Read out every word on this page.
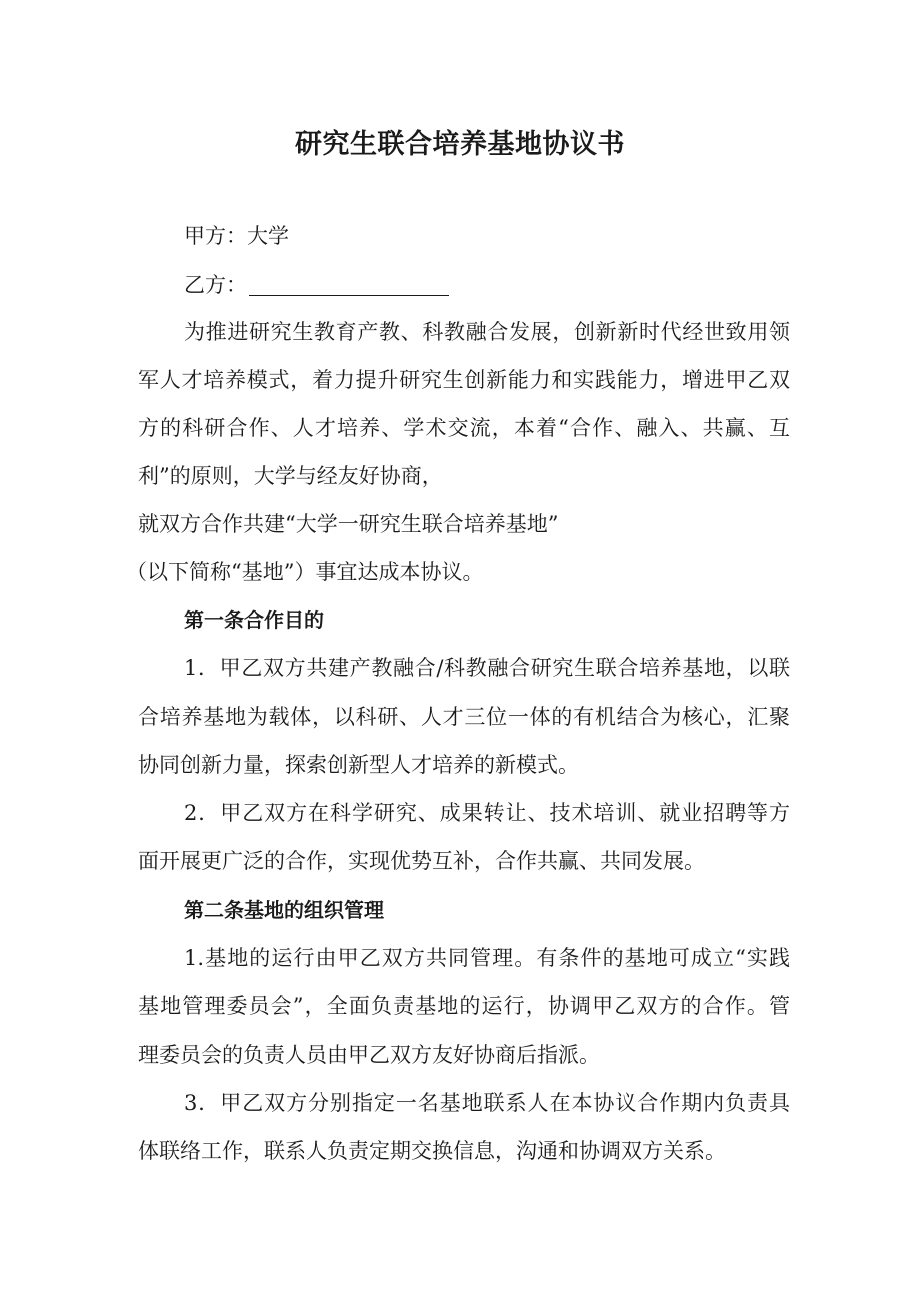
研究生联合培养基地协议书
甲方：大学
乙方：
为推进研究生教育产教、科教融合发展，创新新时代经世致用领
军人才培养模式，着力提升研究生创新能力和实践能力，增进甲乙双
方的科研合作、人才培养、学术交流，本着“合作、融入、共赢、互
利”的原则，大学与经友好协商，
就双方合作共建“大学一研究生联合培养基地”
（以下简称“基地”）事宜达成本协议。
第一条合作目的
1．甲乙双方共建产教融合/科教融合研究生联合培养基地，以联
合培养基地为载体，以科研、人才三位一体的有机结合为核心，汇聚
协同创新力量，探索创新型人才培养的新模式。
2．甲乙双方在科学研究、成果转让、技术培训、就业招聘等方
面开展更广泛的合作，实现优势互补，合作共赢、共同发展。
第二条基地的组织管理
1.基地的运行由甲乙双方共同管理。有条件的基地可成立“实践
基地管理委员会”，全面负责基地的运行，协调甲乙双方的合作。管
理委员会的负责人员由甲乙双方友好协商后指派。
3．甲乙双方分别指定一名基地联系人在本协议合作期内负责具
体联络工作，联系人负责定期交换信息，沟通和协调双方关系。
